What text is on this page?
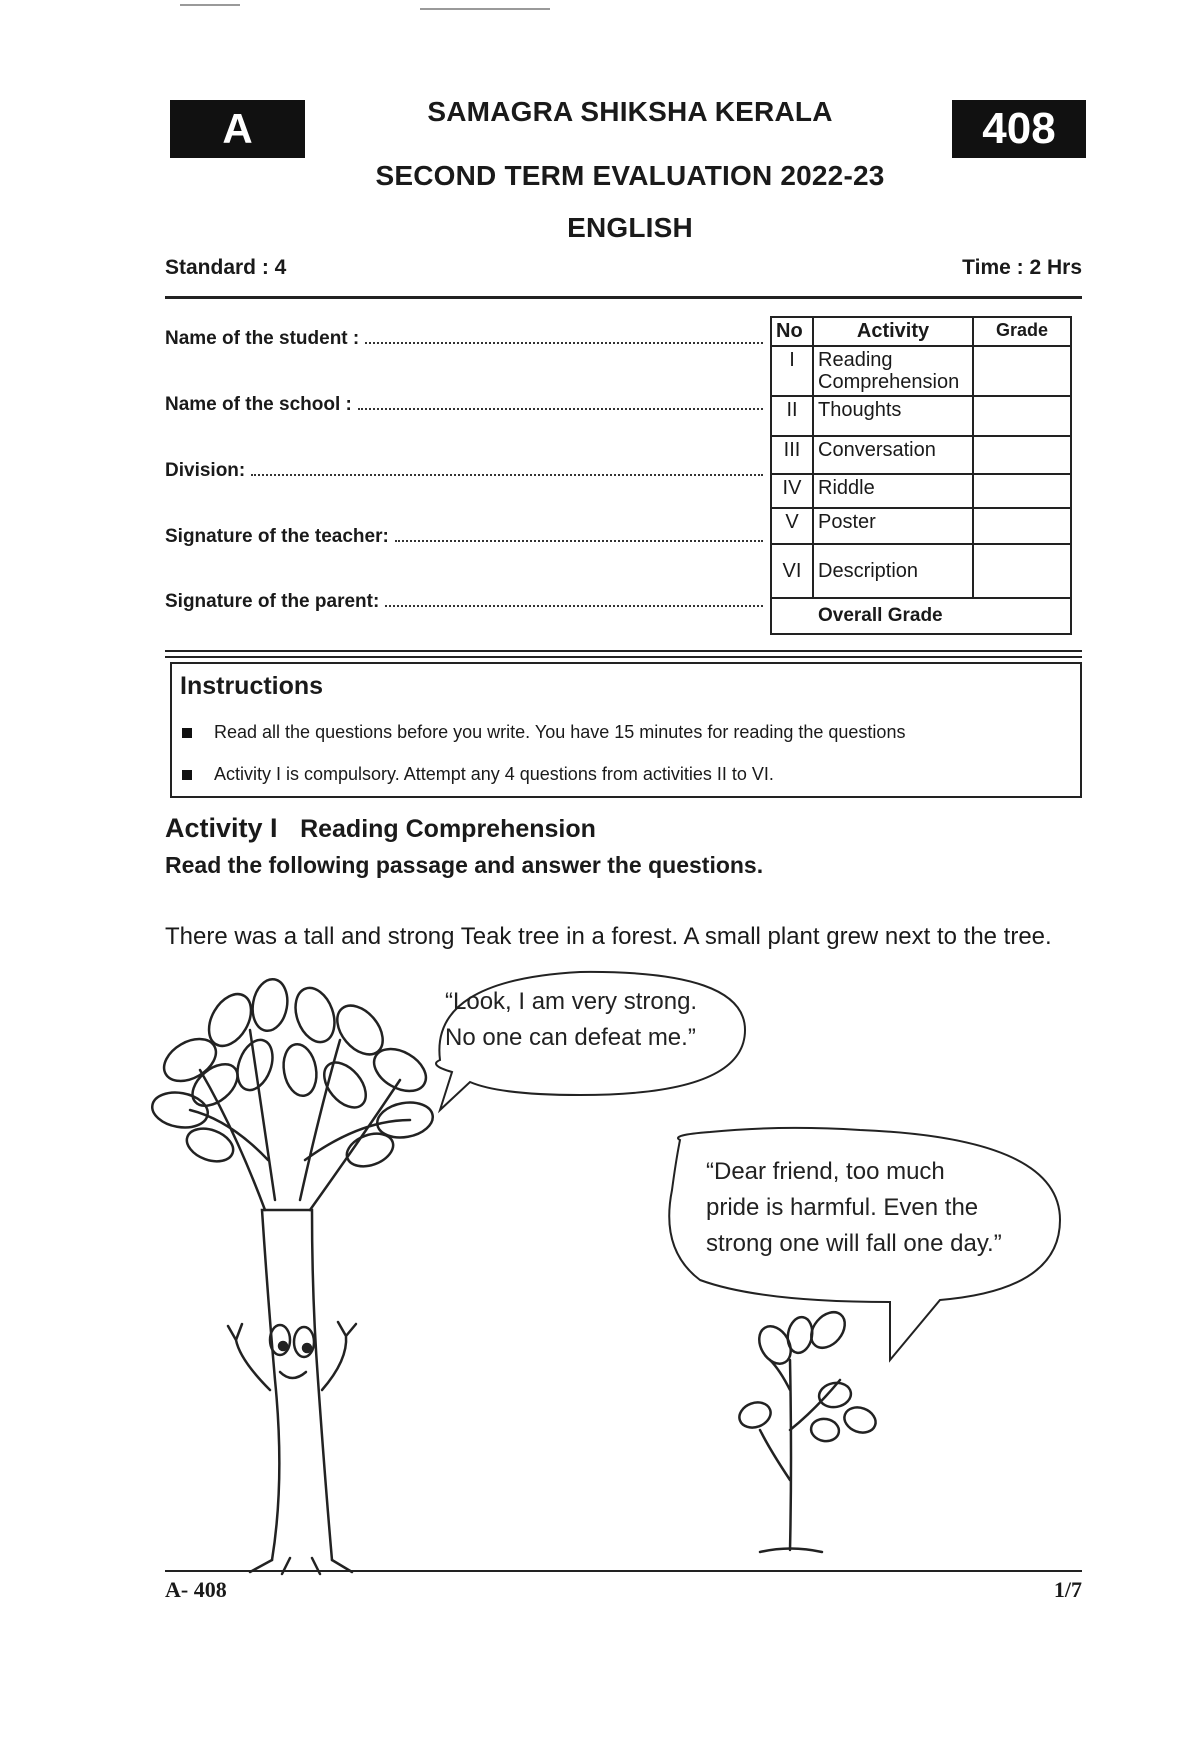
A	408
SAMAGRA SHIKSHA KERALA
SECOND TERM EVALUATION 2022-23
ENGLISH
Standard : 4	Time : 2 Hrs
Name of the student :
Name of the school :
Division:
Signature of the teacher:
Signature of the parent:
No	Activity	Grade
I	Reading Comprehension	
II	Thoughts	
III	Conversation	
IV	Riddle	
V	Poster	
VI	Description	
Overall Grade		
Instructions
Read all the questions before you write. You have 15 minutes for reading the questions
Activity I is compulsory. Attempt any 4 questions from activities II to VI.
Activity I Reading Comprehension
Read the following passage and answer the questions.
There was a tall and strong Teak tree in a forest. A small plant grew next to the tree.
“Look, I am very strong.
No one can defeat me.”
“Dear friend, too much
pride is harmful. Even the
strong one will fall one day.”
A- 408	1/7
